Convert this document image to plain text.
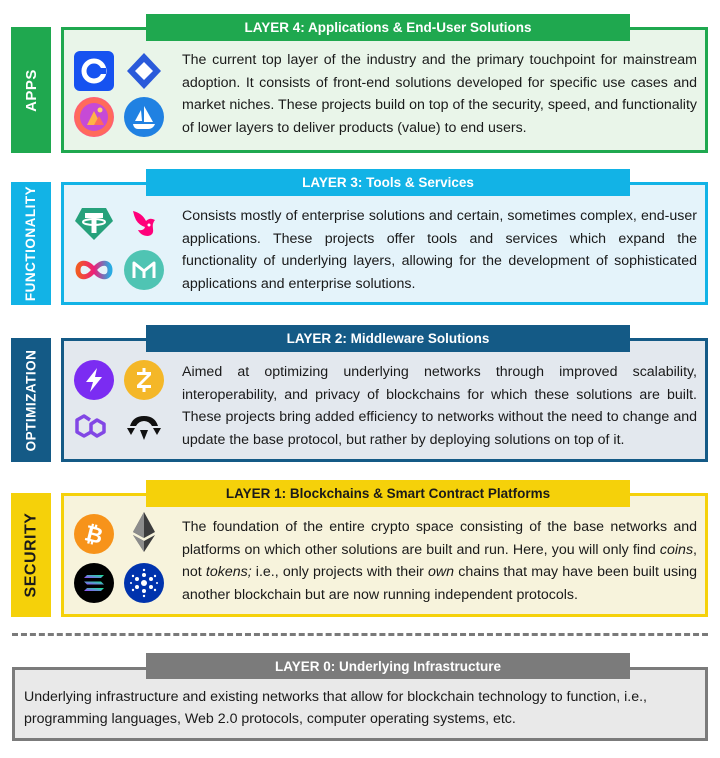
APPS
LAYER 4: Applications & End-User Solutions

The current top layer of the industry and the primary touchpoint for mainstream adoption. It consists of front-end solutions developed for specific use cases and market niches. These projects build on top of the security, speed, and functionality of lower layers to deliver products (value) to end users.

FUNCTIONALITY
LAYER 3: Tools & Services

Consists mostly of enterprise solutions and certain, sometimes complex, end-user applications. These projects offer tools and services which expand the functionality of underlying layers, allowing for the development of sophisticated applications and enterprise solutions.

OPTIMIZATION
LAYER 2: Middleware Solutions

Aimed at optimizing underlying networks through improved scalability, interoperability, and privacy of blockchains for which these solutions are built. These projects bring added efficiency to networks without the need to change and update the base protocol, but rather by deploying solutions on top of it.

SECURITY
LAYER 1: Blockchains & Smart Contract Platforms
₿	The foundation of the entire crypto space consisting of the base networks and platforms on which other solutions are built and run. Here, you will only find coins, not tokens; i.e., only projects with their own chains that may have been built using another blockchain but are now running independent protocols.

LAYER 0: Underlying Infrastructure

Underlying infrastructure and existing networks that allow for blockchain technology to function, i.e., programming languages, Web 2.0 protocols, computer operating systems, etc.
